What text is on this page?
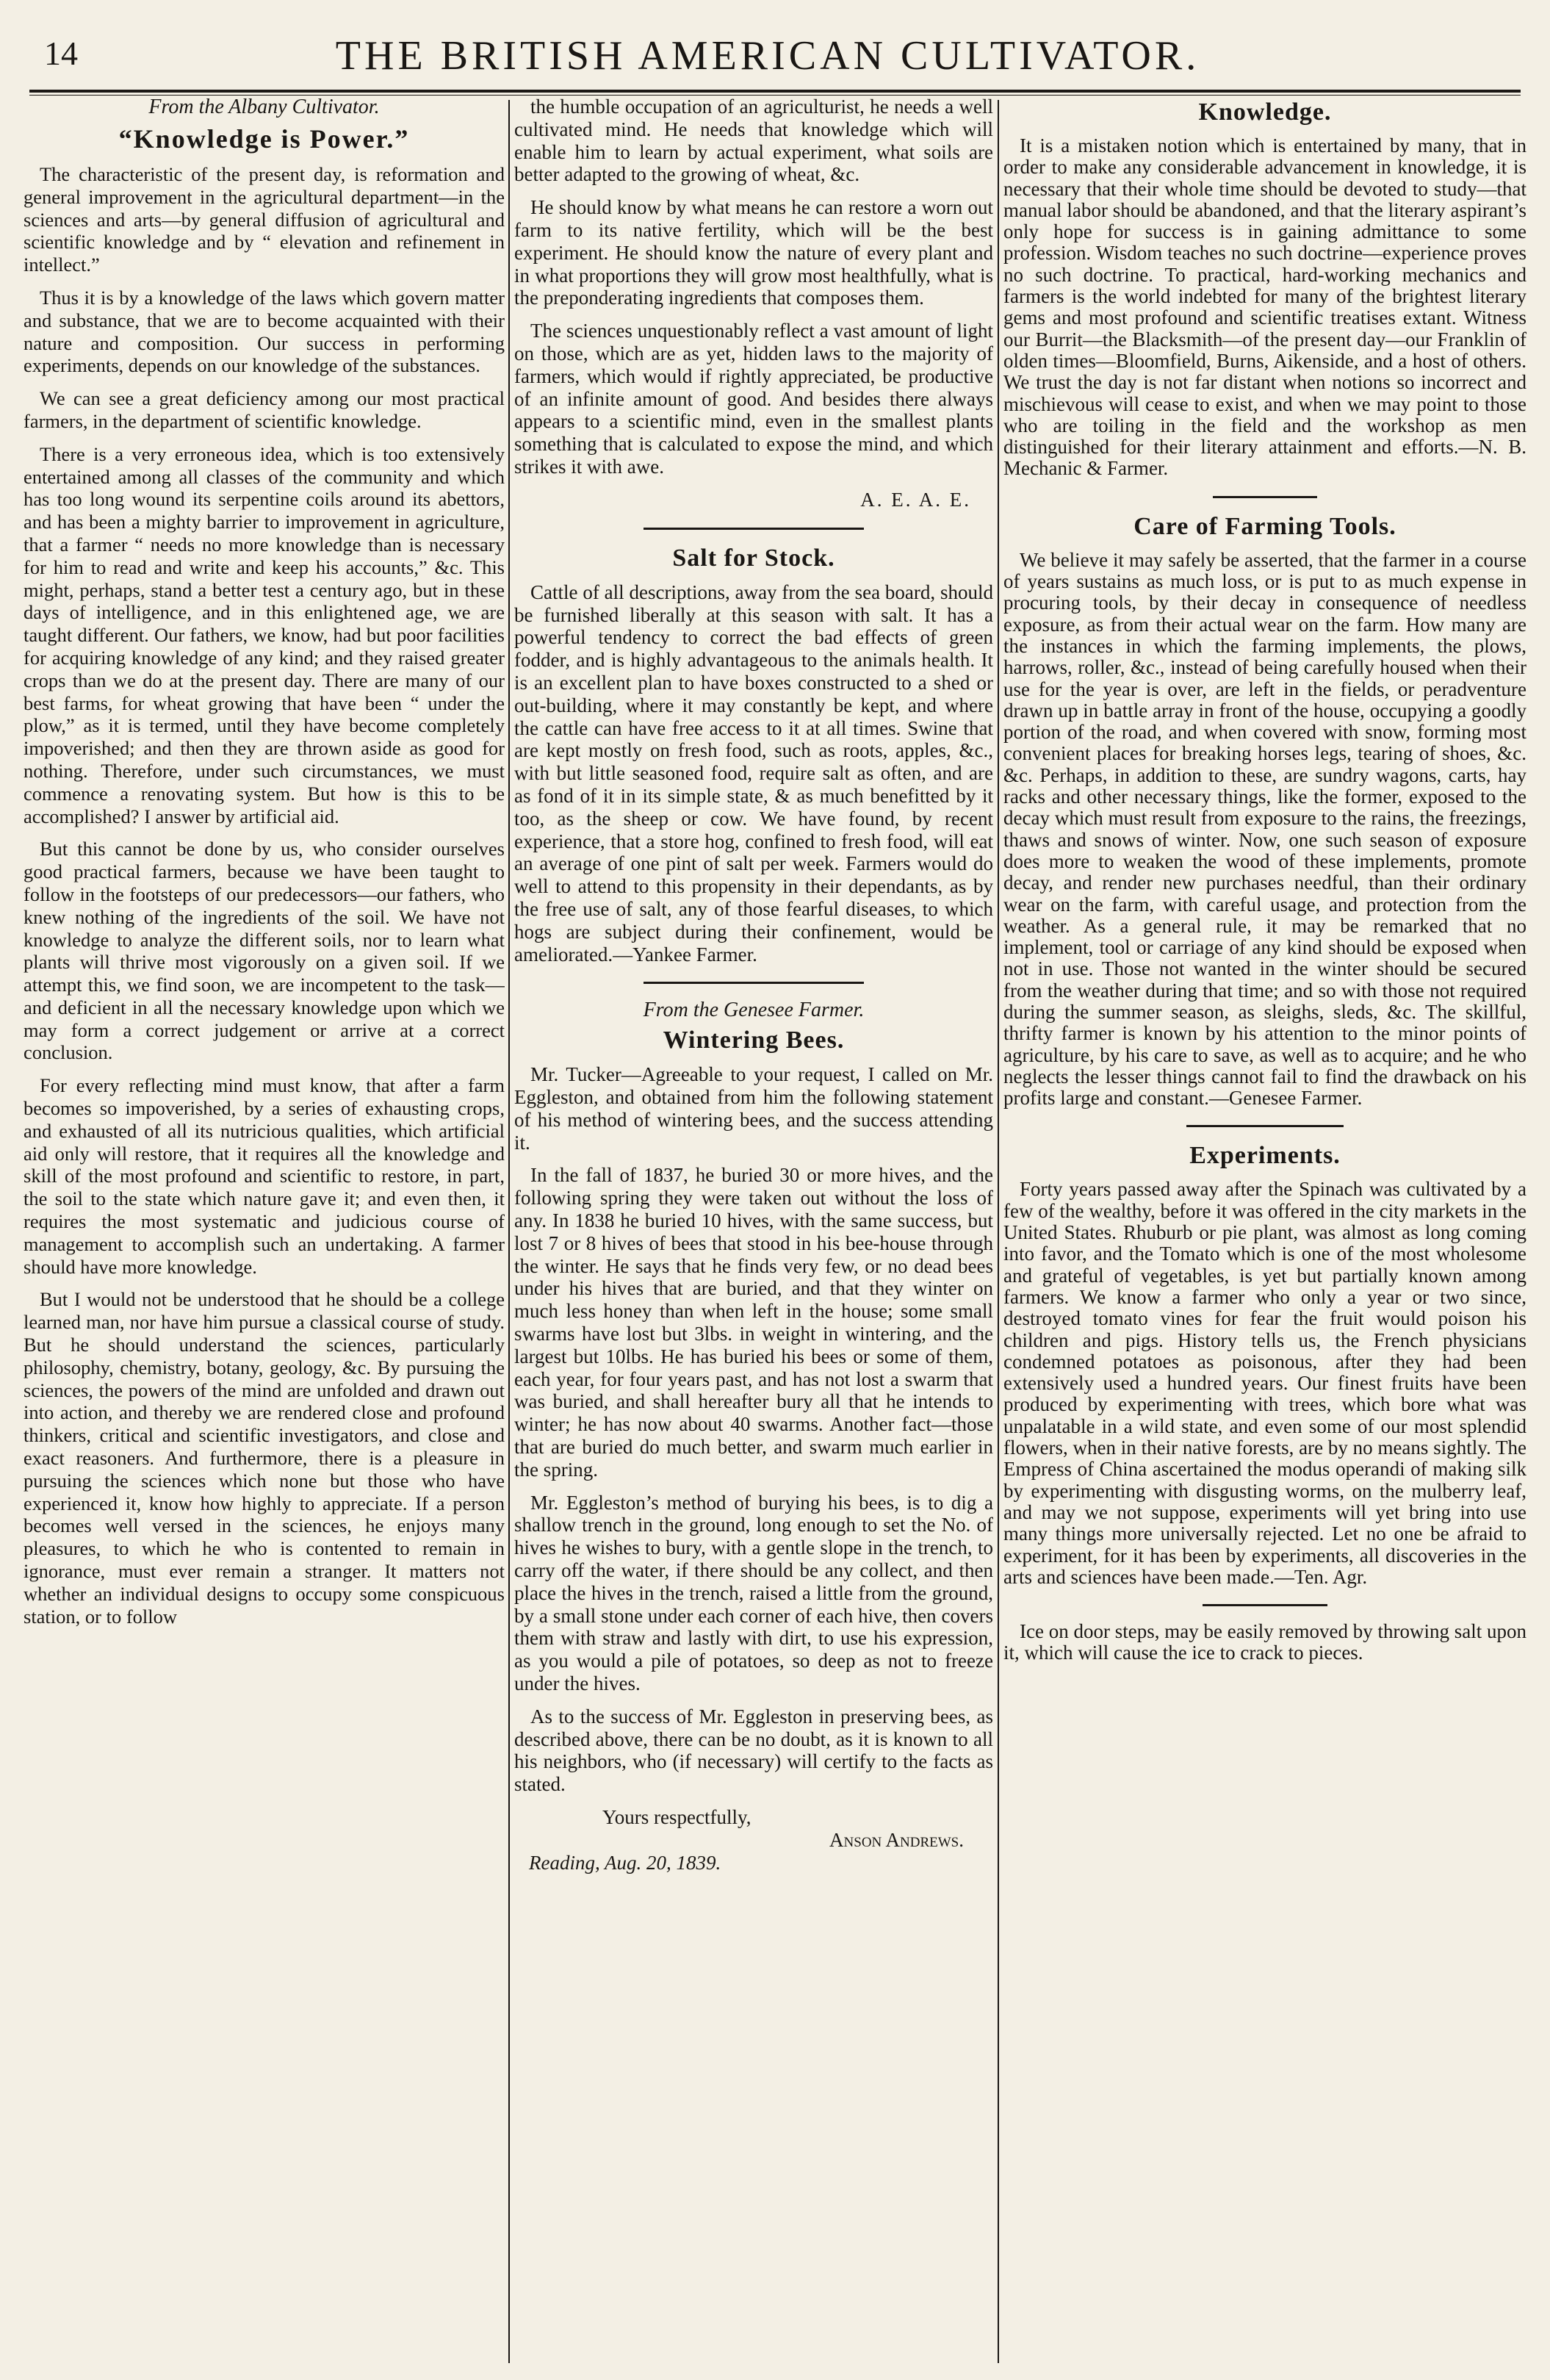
14	THE BRITISH AMERICAN CULTIVATOR.
From the Albany Cultivator.
“Knowledge is Power.”

The characteristic of the present day, is reformation and general improvement in the agricultural department—in the sciences and arts—by general diffusion of agricultural and scientific knowledge and by “ elevation and refinement in intellect.”

Thus it is by a knowledge of the laws which govern matter and substance, that we are to become acquainted with their nature and composition. Our success in performing experiments, depends on our knowledge of the substances.

We can see a great deficiency among our most practical farmers, in the department of scientific knowledge.

There is a very erroneous idea, which is too extensively entertained among all classes of the community and which has too long wound its serpentine coils around its abettors, and has been a mighty barrier to improvement in agriculture, that a farmer “ needs no more knowledge than is necessary for him to read and write and keep his accounts,” &c. This might, perhaps, stand a better test a century ago, but in these days of intelligence, and in this enlightened age, we are taught different. Our fathers, we know, had but poor facilities for acquiring knowledge of any kind; and they raised greater crops than we do at the present day. There are many of our best farms, for wheat growing that have been “ under the plow,” as it is termed, until they have become completely impoverished; and then they are thrown aside as good for nothing. Therefore, under such circumstances, we must commence a renovating system. But how is this to be accomplished? I answer by artificial aid.

But this cannot be done by us, who consider ourselves good practical farmers, because we have been taught to follow in the footsteps of our predecessors—our fathers, who knew nothing of the ingredients of the soil. We have not knowledge to analyze the different soils, nor to learn what plants will thrive most vigorously on a given soil. If we attempt this, we find soon, we are incompetent to the task—and deficient in all the necessary knowledge upon which we may form a correct judgement or arrive at a correct conclusion.

For every reflecting mind must know, that after a farm becomes so impoverished, by a series of exhausting crops, and exhausted of all its nutricious qualities, which artificial aid only will restore, that it requires all the knowledge and skill of the most profound and scientific to restore, in part, the soil to the state which nature gave it; and even then, it requires the most systematic and judicious course of management to accomplish such an undertaking. A farmer should have more knowledge.

But I would not be understood that he should be a college learned man, nor have him pursue a classical course of study. But he should understand the sciences, particularly philosophy, chemistry, botany, geology, &c. By pursuing the sciences, the powers of the mind are unfolded and drawn out into action, and thereby we are rendered close and profound thinkers, critical and scientific investigators, and close and exact reasoners. And furthermore, there is a pleasure in pursuing the sciences which none but those who have experienced it, know how highly to appreciate. If a person becomes well versed in the sciences, he enjoys many pleasures, to which he who is contented to remain in ignorance, must ever remain a stranger. It matters not whether an individual designs to occupy some conspicuous station, or to follow

the humble occupation of an agriculturist, he needs a well cultivated mind. He needs that knowledge which will enable him to learn by actual experiment, what soils are better adapted to the growing of wheat, &c.

He should know by what means he can restore a worn out farm to its native fertility, which will be the best experiment. He should know the nature of every plant and in what proportions they will grow most healthfully, what is the preponderating ingredients that composes them.

The sciences unquestionably reflect a vast amount of light on those, which are as yet, hidden laws to the majority of farmers, which would if rightly appreciated, be productive of an infinite amount of good. And besides there always appears to a scientific mind, even in the smallest plants something that is calculated to expose the mind, and which strikes it with awe.

A. E. A. E.
Salt for Stock.

Cattle of all descriptions, away from the sea board, should be furnished liberally at this season with salt. It has a powerful tendency to correct the bad effects of green fodder, and is highly advantageous to the animals health. It is an excellent plan to have boxes constructed to a shed or out-building, where it may constantly be kept, and where the cattle can have free access to it at all times. Swine that are kept mostly on fresh food, such as roots, apples, &c., with but little seasoned food, require salt as often, and are as fond of it in its simple state, & as much benefitted by it too, as the sheep or cow. We have found, by recent experience, that a store hog, confined to fresh food, will eat an average of one pint of salt per week. Farmers would do well to attend to this propensity in their dependants, as by the free use of salt, any of those fearful diseases, to which hogs are subject during their confinement, would be ameliorated.—Yankee Farmer.

From the Genesee Farmer.
Wintering Bees.

Mr. Tucker—Agreeable to your request, I called on Mr. Eggleston, and obtained from him the following statement of his method of wintering bees, and the success attending it.

In the fall of 1837, he buried 30 or more hives, and the following spring they were taken out without the loss of any. In 1838 he buried 10 hives, with the same success, but lost 7 or 8 hives of bees that stood in his bee-house through the winter. He says that he finds very few, or no dead bees under his hives that are buried, and that they winter on much less honey than when left in the house; some small swarms have lost but 3lbs. in weight in wintering, and the largest but 10lbs. He has buried his bees or some of them, each year, for four years past, and has not lost a swarm that was buried, and shall hereafter bury all that he intends to winter; he has now about 40 swarms. Another fact—those that are buried do much better, and swarm much earlier in the spring.

Mr. Eggleston’s method of burying his bees, is to dig a shallow trench in the ground, long enough to set the No. of hives he wishes to bury, with a gentle slope in the trench, to carry off the water, if there should be any collect, and then place the hives in the trench, raised a little from the ground, by a small stone under each corner of each hive, then covers them with straw and lastly with dirt, to use his expression, as you would a pile of potatoes, so deep as not to freeze under the hives.

As to the success of Mr. Eggleston in preserving bees, as described above, there can be no doubt, as it is known to all his neighbors, who (if necessary) will certify to the facts as stated.

Yours respectfully,
Anson Andrews.
Reading, Aug. 20, 1839.
Knowledge.

It is a mistaken notion which is entertained by many, that in order to make any considerable advancement in knowledge, it is necessary that their whole time should be devoted to study—that manual labor should be abandoned, and that the literary aspirant’s only hope for success is in gaining admittance to some profession. Wisdom teaches no such doctrine—experience proves no such doctrine. To practical, hard-working mechanics and farmers is the world indebted for many of the brightest literary gems and most profound and scientific treatises extant. Witness our Burrit—the Blacksmith—of the present day—our Franklin of olden times—Bloomfield, Burns, Aikenside, and a host of others. We trust the day is not far distant when notions so incorrect and mischievous will cease to exist, and when we may point to those who are toiling in the field and the workshop as men distinguished for their literary attainment and efforts.—N. B. Mechanic & Farmer.

Care of Farming Tools.

We believe it may safely be asserted, that the farmer in a course of years sustains as much loss, or is put to as much expense in procuring tools, by their decay in consequence of needless exposure, as from their actual wear on the farm. How many are the instances in which the farming implements, the plows, harrows, roller, &c., instead of being carefully housed when their use for the year is over, are left in the fields, or peradventure drawn up in battle array in front of the house, occupying a goodly portion of the road, and when covered with snow, forming most convenient places for breaking horses legs, tearing of shoes, &c. &c. Perhaps, in addition to these, are sundry wagons, carts, hay racks and other necessary things, like the former, exposed to the decay which must result from exposure to the rains, the freezings, thaws and snows of winter. Now, one such season of exposure does more to weaken the wood of these implements, promote decay, and render new purchases needful, than their ordinary wear on the farm, with careful usage, and protection from the weather. As a general rule, it may be remarked that no implement, tool or carriage of any kind should be exposed when not in use. Those not wanted in the winter should be secured from the weather during that time; and so with those not required during the summer season, as sleighs, sleds, &c. The skillful, thrifty farmer is known by his attention to the minor points of agriculture, by his care to save, as well as to acquire; and he who neglects the lesser things cannot fail to find the drawback on his profits large and constant.—Genesee Farmer.

Experiments.

Forty years passed away after the Spinach was cultivated by a few of the wealthy, before it was offered in the city markets in the United States. Rhuburb or pie plant, was almost as long coming into favor, and the Tomato which is one of the most wholesome and grateful of vegetables, is yet but partially known among farmers. We know a farmer who only a year or two since, destroyed tomato vines for fear the fruit would poison his children and pigs. History tells us, the French physicians condemned potatoes as poisonous, after they had been extensively used a hundred years. Our finest fruits have been produced by experimenting with trees, which bore what was unpalatable in a wild state, and even some of our most splendid flowers, when in their native forests, are by no means sightly. The Empress of China ascertained the modus operandi of making silk by experimenting with disgusting worms, on the mulberry leaf, and may we not suppose, experiments will yet bring into use many things more universally rejected. Let no one be afraid to experiment, for it has been by experiments, all discoveries in the arts and sciences have been made.—Ten. Agr.

Ice on door steps, may be easily removed by throwing salt upon it, which will cause the ice to crack to pieces.
